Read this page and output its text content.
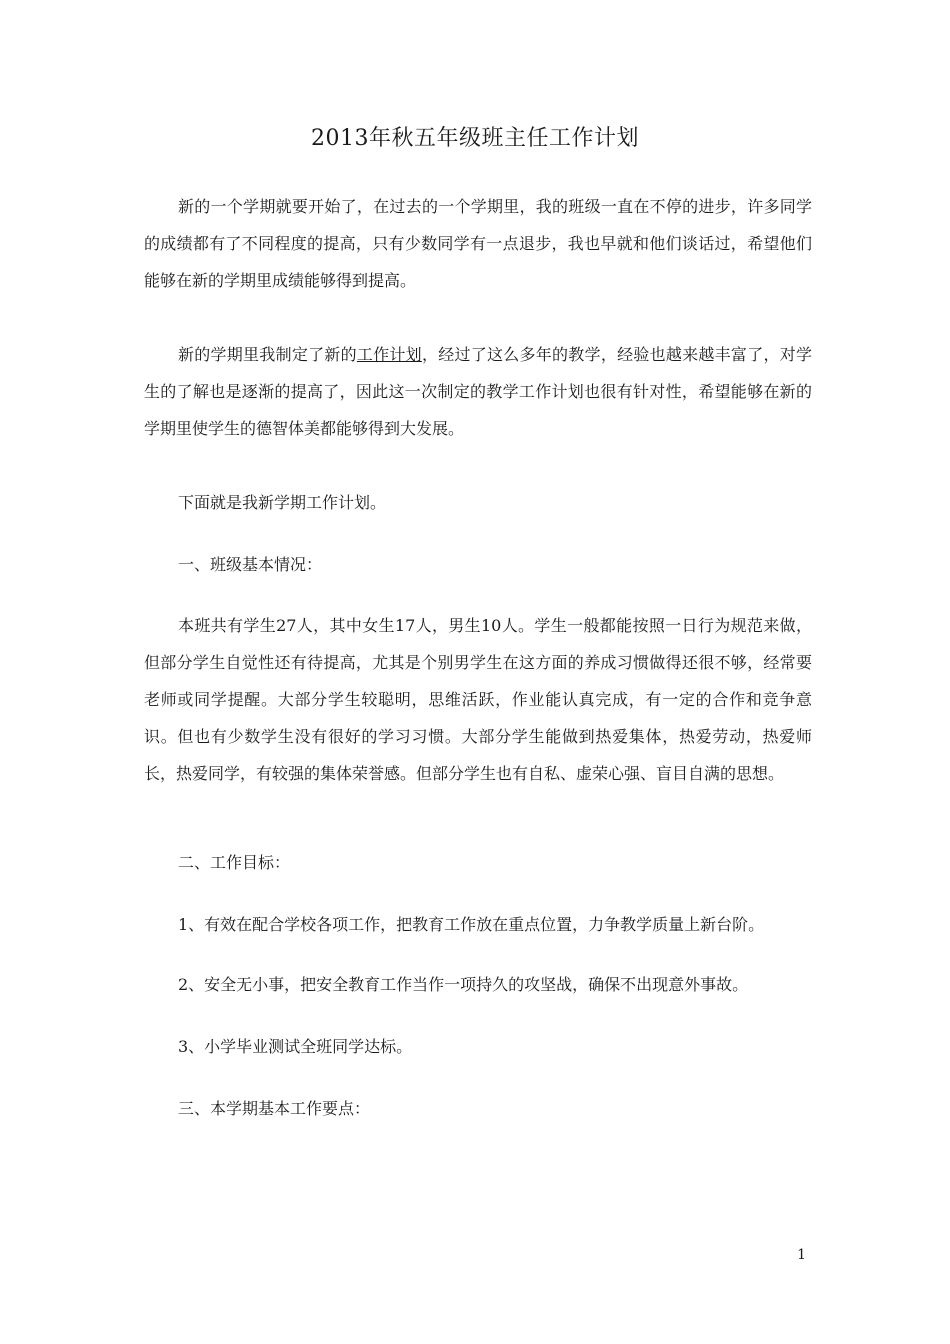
2013年秋五年级班主任工作计划
新的一个学期就要开始了，在过去的一个学期里，我的班级一直在不停的进步，许多同学的成绩都有了不同程度的提高，只有少数同学有一点退步，我也早就和他们谈话过，希望他们能够在新的学期里成绩能够得到提高。
新的学期里我制定了新的工作计划，经过了这么多年的教学，经验也越来越丰富了，对学生的了解也是逐渐的提高了，因此这一次制定的教学工作计划也很有针对性，希望能够在新的学期里使学生的德智体美都能够得到大发展。
下面就是我新学期工作计划。
一、班级基本情况：
本班共有学生27人，其中女生17人，男生10人。学生一般都能按照一日行为规范来做，但部分学生自觉性还有待提高，尤其是个别男学生在这方面的养成习惯做得还很不够，经常要老师或同学提醒。大部分学生较聪明，思维活跃，作业能认真完成，有一定的合作和竞争意识。但也有少数学生没有很好的学习习惯。大部分学生能做到热爱集体，热爱劳动，热爱师长，热爱同学，有较强的集体荣誉感。但部分学生也有自私、虚荣心强、盲目自满的思想。
二、工作目标：
1、有效在配合学校各项工作，把教育工作放在重点位置，力争教学质量上新台阶。
2、安全无小事，把安全教育工作当作一项持久的攻坚战，确保不出现意外事故。
3、小学毕业测试全班同学达标。
三、本学期基本工作要点：
1
